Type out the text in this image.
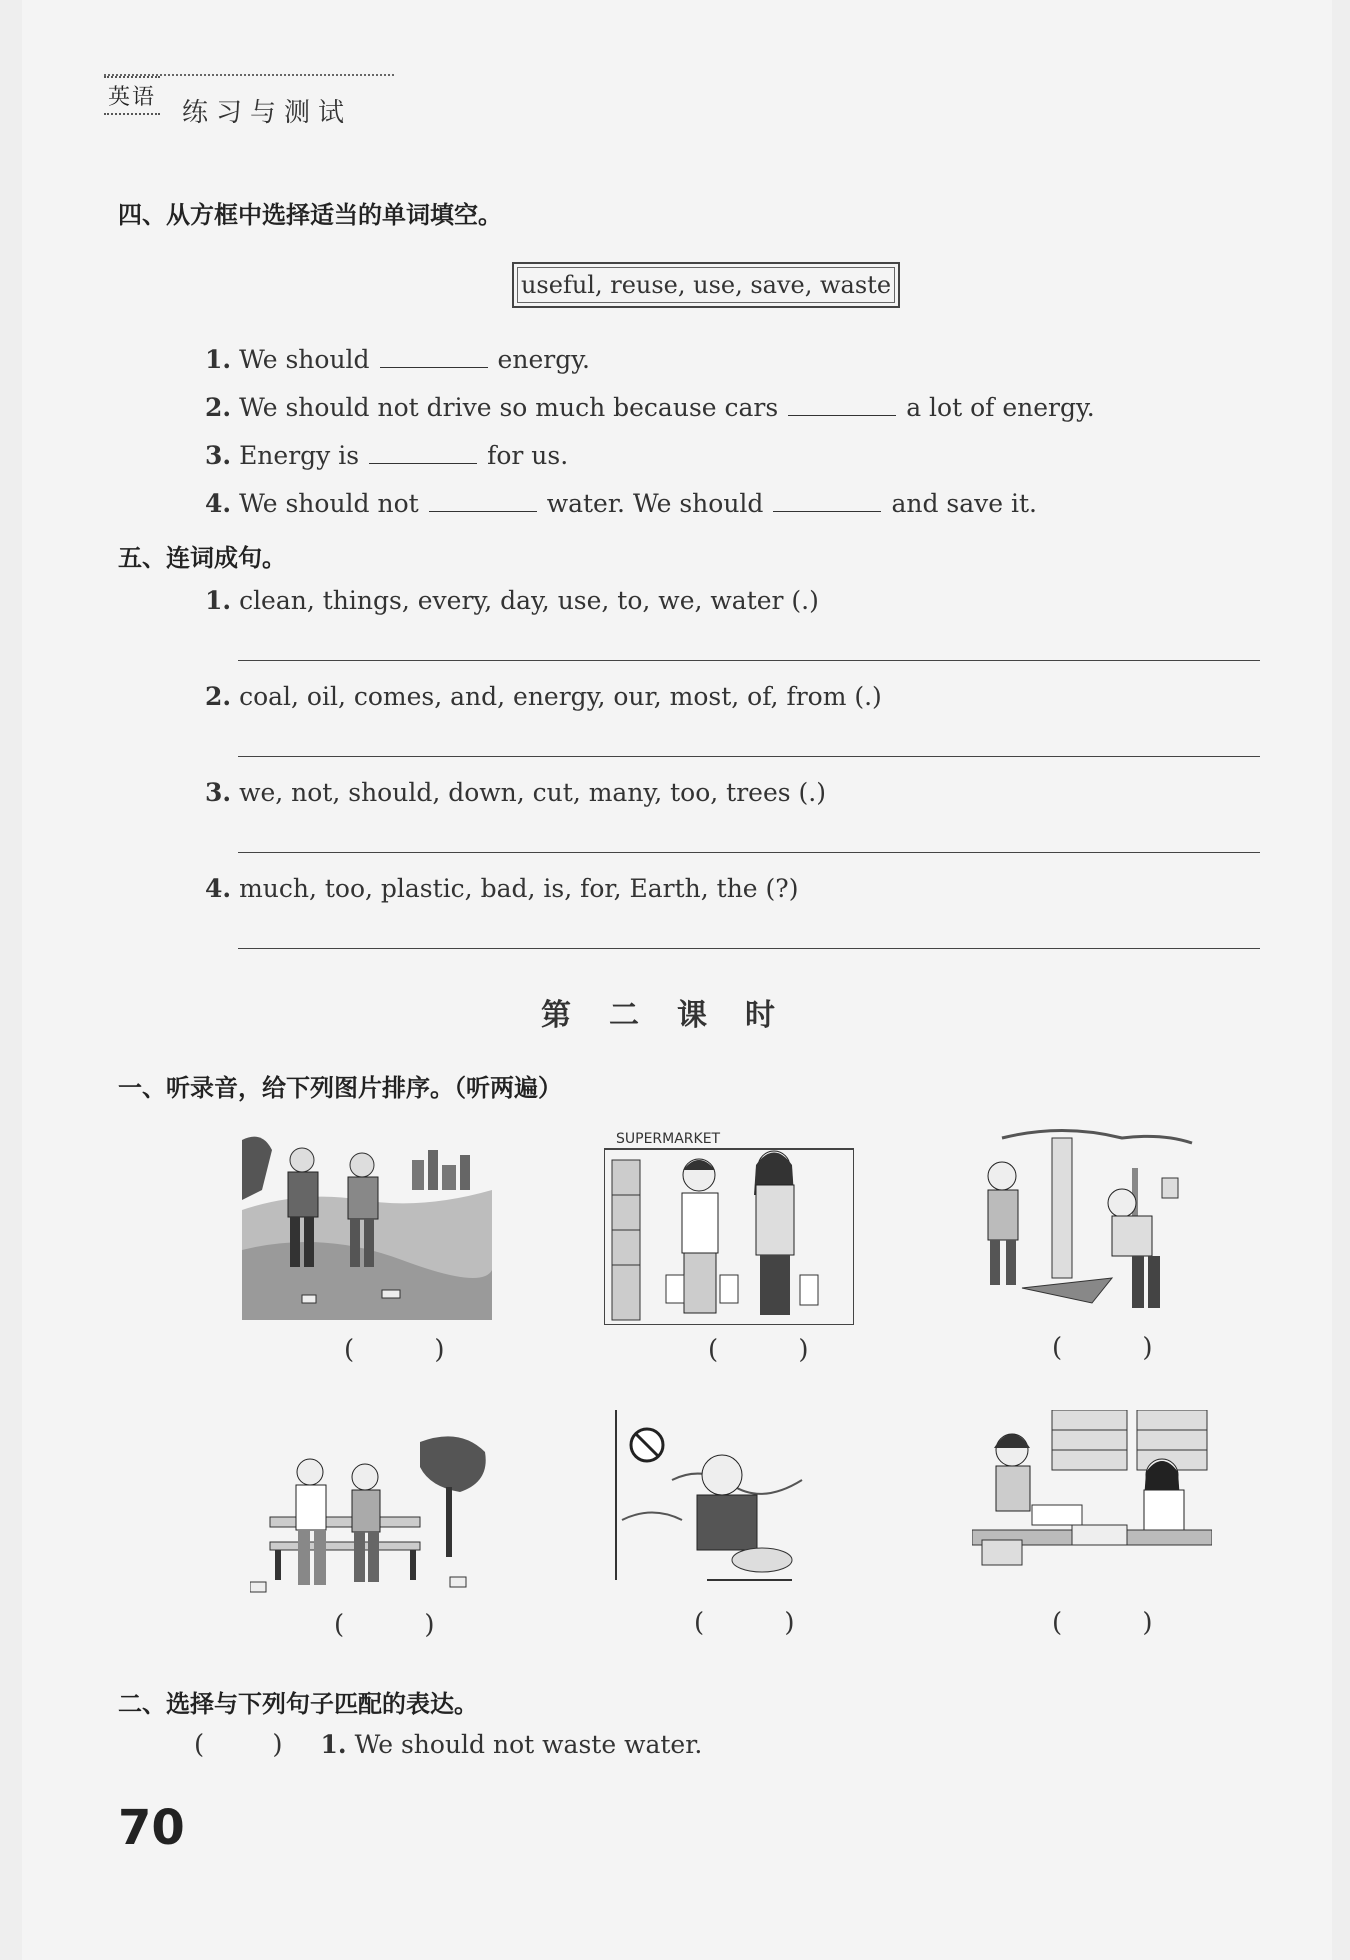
英语
练习与测试
四、从方框中选择适当的单词填空。
useful, reuse, use, save, waste
1. We should	energy.
2. We should not drive so much because cars	a lot of energy.
3. Energy is	for us.
4. We should not	water. We should	and save it.
五、连词成句。
1. clean, things, every, day, use, to, we, water (.)
2. coal, oil, comes, and, energy, our, most, of, from (.)
3. we, not, should, down, cut, many, too, trees (.)
4. much, too, plastic, bad, is, for, Earth, the (?)
第二课时
一、听录音，给下列图片排序。（听两遍）
( )
SUPERMARKET
( )	( )
( )	( )	( )
二、选择与下列句子匹配的表达。
( ) 1. We should not waste water.
70
